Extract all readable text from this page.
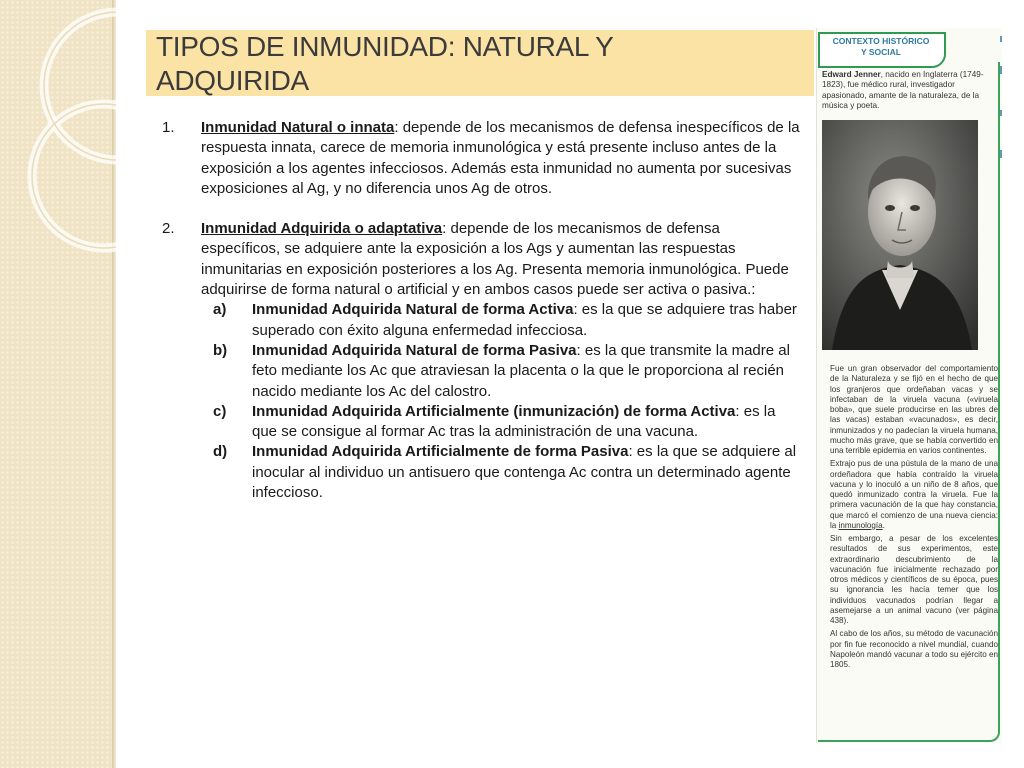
TIPOS DE INMUNIDAD: NATURAL Y
ADQUIRIDA
1. Inmunidad Natural o innata: depende de los mecanismos de defensa inespecíficos de la respuesta innata, carece de memoria inmunológica y está presente incluso antes de la exposición a los agentes infecciosos. Además esta inmunidad no aumenta por sucesivas exposiciones al Ag, y no diferencia unos Ag de otros.
2. Inmunidad Adquirida o adaptativa: depende de los mecanismos de defensa específicos, se adquiere ante la exposición a los Ags y aumentan las respuestas inmunitarias en exposición posteriores a los Ag. Presenta memoria inmunológica. Puede adquirirse de forma natural o artificial y en ambos casos puede ser activa o pasiva.:
a) Inmunidad Adquirida Natural de forma Activa: es la que se adquiere tras haber superado con éxito alguna enfermedad infecciosa.
b) Inmunidad Adquirida Natural de forma Pasiva: es la que transmite la madre al feto mediante los Ac que atraviesan la placenta o la que le proporciona al recién nacido mediante los Ac del calostro.
c) Inmunidad Adquirida Artificialmente (inmunización) de forma Activa: es la que se consigue al formar Ac tras la administración de una vacuna.
d) Inmunidad Adquirida Artificialmente de forma Pasiva: es la que se adquiere al inocular al individuo un antisuero que contenga Ac contra un determinado agente infeccioso.
CONTEXTO HISTÓRICO
Y SOCIAL
Edward Jenner, nacido en Inglaterra (1749-1823), fue médico rural, investigador apasionado, amante de la naturaleza, de la música y poeta.

Fue un gran observador del comportamiento de la Naturaleza y se fijó en el hecho de que los granjeros que ordeñaban vacas y se infectaban de la viruela vacuna («viruela boba», que suele producirse en las ubres de las vacas) estaban «vacunados», es decir, inmunizados y no padecían la viruela humana, mucho más grave, que se había convertido en una terrible epidemia en varios continentes.

Extrajo pus de una pústula de la mano de una ordeñadora que había contraído la viruela vacuna y lo inoculó a un niño de 8 años, que quedó inmunizado contra la viruela. Fue la primera vacunación de la que hay constancia, que marcó el comienzo de una nueva ciencia: la inmunología.

Sin embargo, a pesar de los excelentes resultados de sus experimentos, este extraordinario descubrimiento de la vacunación fue inicialmente rechazado por otros médicos y científicos de su época, pues su ignorancia les hacía temer que los individuos vacunados podrían llegar a asemejarse a un animal vacuno (ver página 438).

Al cabo de los años, su método de vacunación por fin fue reconocido a nivel mundial, cuando Napoleón mandó vacunar a todo su ejército en 1805.
